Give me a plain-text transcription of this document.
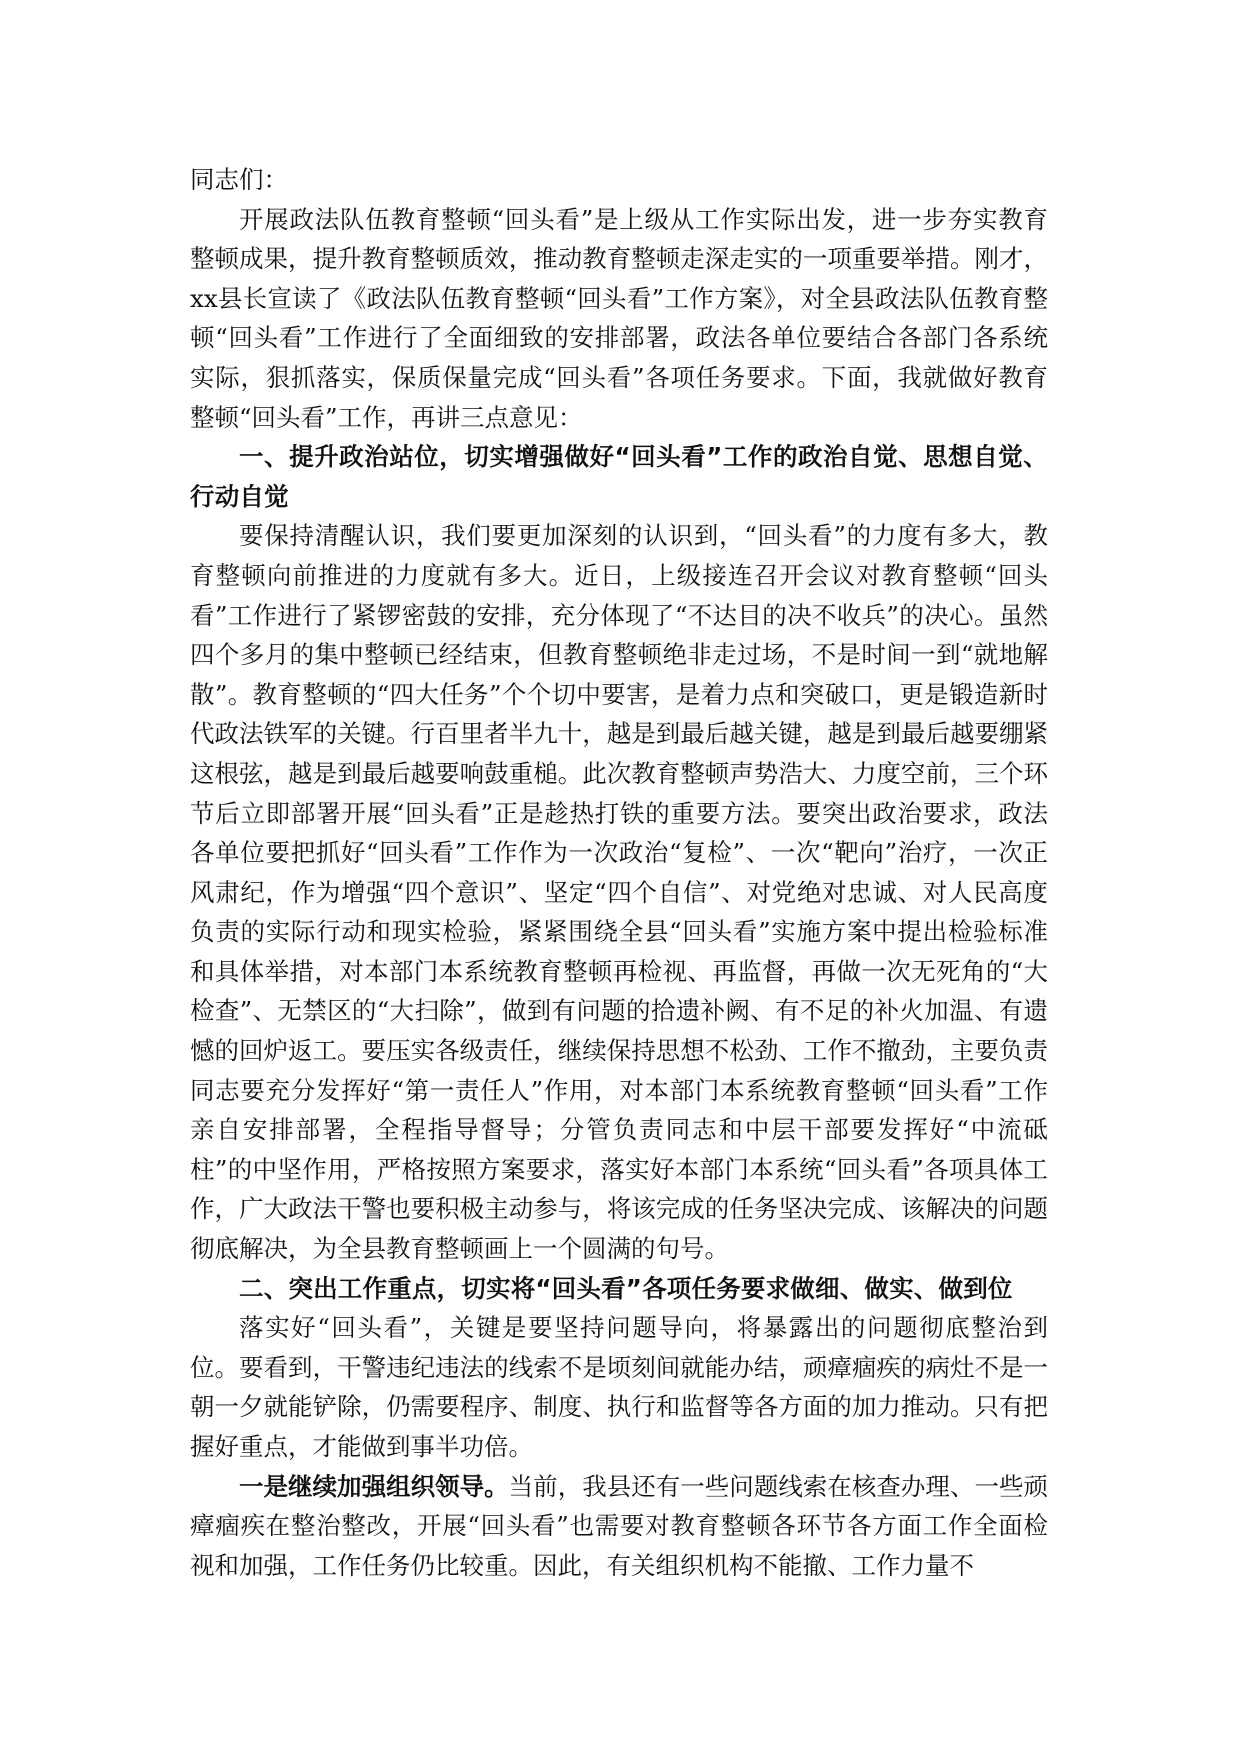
同志们：

开展政法队伍教育整顿“回头看”是上级从工作实际出发，进一步夯实教育整顿成果，提升教育整顿质效，推动教育整顿走深走实的一项重要举措。刚才，xx县长宣读了《政法队伍教育整顿“回头看”工作方案》，对全县政法队伍教育整顿“回头看”工作进行了全面细致的安排部署，政法各单位要结合各部门各系统实际，狠抓落实，保质保量完成“回头看”各项任务要求。下面，我就做好教育整顿“回头看”工作，再讲三点意见：

一、提升政治站位，切实增强做好“回头看”工作的政治自觉、思想自觉、行动自觉

要保持清醒认识，我们要更加深刻的认识到，“回头看”的力度有多大，教育整顿向前推进的力度就有多大。近日，上级接连召开会议对教育整顿“回头看”工作进行了紧锣密鼓的安排，充分体现了“不达目的决不收兵”的决心。虽然四个多月的集中整顿已经结束，但教育整顿绝非走过场，不是时间一到“就地解散”。教育整顿的“四大任务”个个切中要害，是着力点和突破口，更是锻造新时代政法铁军的关键。行百里者半九十，越是到最后越关键，越是到最后越要绷紧这根弦，越是到最后越要响鼓重槌。此次教育整顿声势浩大、力度空前，三个环节后立即部署开展“回头看”正是趁热打铁的重要方法。要突出政治要求，政法各单位要把抓好“回头看”工作作为一次政治“复检”、一次“靶向”治疗，一次正风肃纪，作为增强“四个意识”、坚定“四个自信”、对党绝对忠诚、对人民高度负责的实际行动和现实检验，紧紧围绕全县“回头看”实施方案中提出检验标准和具体举措，对本部门本系统教育整顿再检视、再监督，再做一次无死角的“大检查”、无禁区的“大扫除”，做到有问题的拾遗补阙、有不足的补火加温、有遗憾的回炉返工。要压实各级责任，继续保持思想不松劲、工作不撤劲，主要负责同志要充分发挥好“第一责任人”作用，对本部门本系统教育整顿“回头看”工作亲自安排部署，全程指导督导；分管负责同志和中层干部要发挥好“中流砥柱”的中坚作用，严格按照方案要求，落实好本部门本系统“回头看”各项具体工作，广大政法干警也要积极主动参与，将该完成的任务坚决完成、该解决的问题彻底解决，为全县教育整顿画上一个圆满的句号。

二、突出工作重点，切实将“回头看”各项任务要求做细、做实、做到位

落实好“回头看”，关键是要坚持问题导向，将暴露出的问题彻底整治到位。要看到，干警违纪违法的线索不是顷刻间就能办结，顽瘴痼疾的病灶不是一朝一夕就能铲除，仍需要程序、制度、执行和监督等各方面的加力推动。只有把握好重点，才能做到事半功倍。

一是继续加强组织领导。当前，我县还有一些问题线索在核查办理、一些顽瘴痼疾在整治整改，开展“回头看”也需要对教育整顿各环节各方面工作全面检视和加强，工作任务仍比较重。因此，有关组织机构不能撤、工作力量不
